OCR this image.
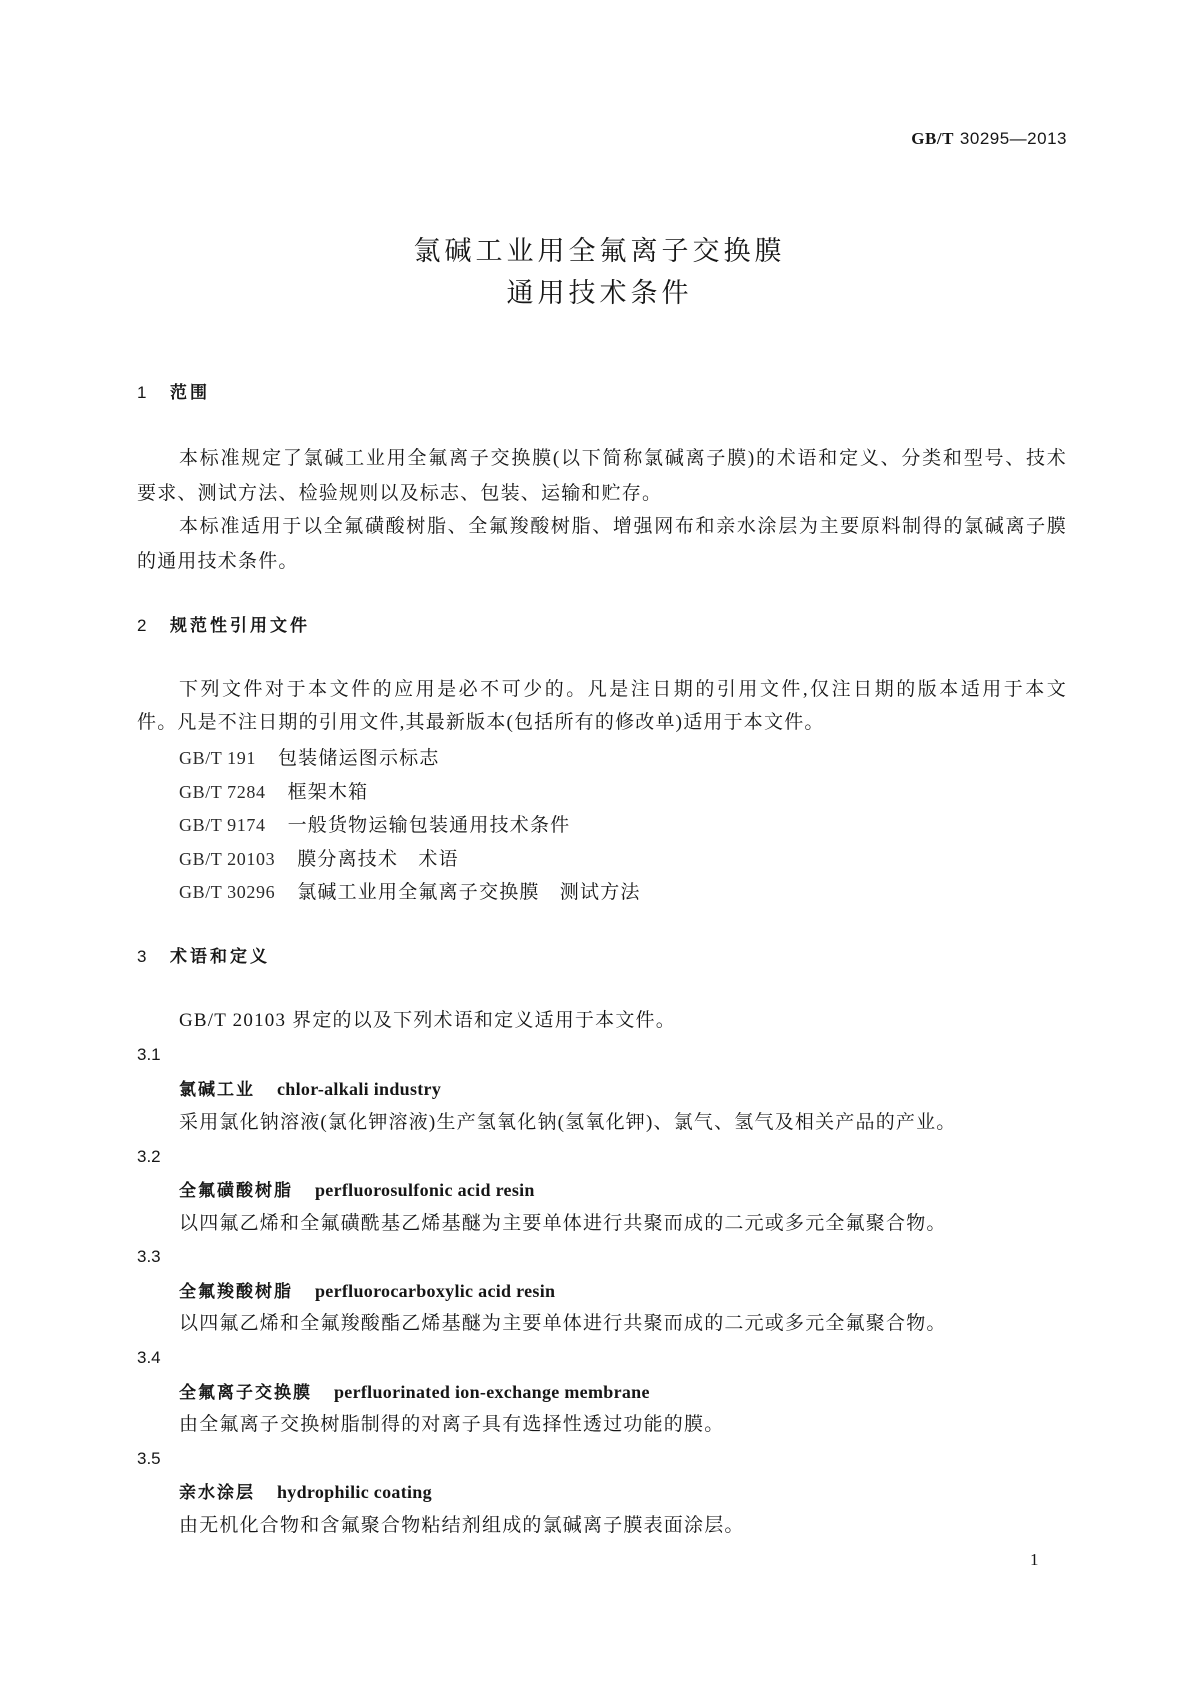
GB/T 30295—2013
氯碱工业用全氟离子交换膜
通用技术条件
1 范围
本标准规定了氯碱工业用全氟离子交换膜(以下简称氯碱离子膜)的术语和定义、分类和型号、技术
要求、测试方法、检验规则以及标志、包装、运输和贮存。
本标准适用于以全氟磺酸树脂、全氟羧酸树脂、增强网布和亲水涂层为主要原料制得的氯碱离子膜
的通用技术条件。
2 规范性引用文件
下列文件对于本文件的应用是必不可少的。凡是注日期的引用文件,仅注日期的版本适用于本文
件。凡是不注日期的引用文件,其最新版本(包括所有的修改单)适用于本文件。
GB/T 191 包装储运图示标志
GB/T 7284 框架木箱
GB/T 9174 一般货物运输包装通用技术条件
GB/T 20103 膜分离技术　术语
GB/T 30296 氯碱工业用全氟离子交换膜　测试方法
3 术语和定义
GB/T 20103 界定的以及下列术语和定义适用于本文件。
3.1
氯碱工业 chlor-alkali industry
采用氯化钠溶液(氯化钾溶液)生产氢氧化钠(氢氧化钾)、氯气、氢气及相关产品的产业。
3.2
全氟磺酸树脂 perfluorosulfonic acid resin
以四氟乙烯和全氟磺酰基乙烯基醚为主要单体进行共聚而成的二元或多元全氟聚合物。
3.3
全氟羧酸树脂 perfluorocarboxylic acid resin
以四氟乙烯和全氟羧酸酯乙烯基醚为主要单体进行共聚而成的二元或多元全氟聚合物。
3.4
全氟离子交换膜 perfluorinated ion-exchange membrane
由全氟离子交换树脂制得的对离子具有选择性透过功能的膜。
3.5
亲水涂层 hydrophilic coating
由无机化合物和含氟聚合物粘结剂组成的氯碱离子膜表面涂层。
1
